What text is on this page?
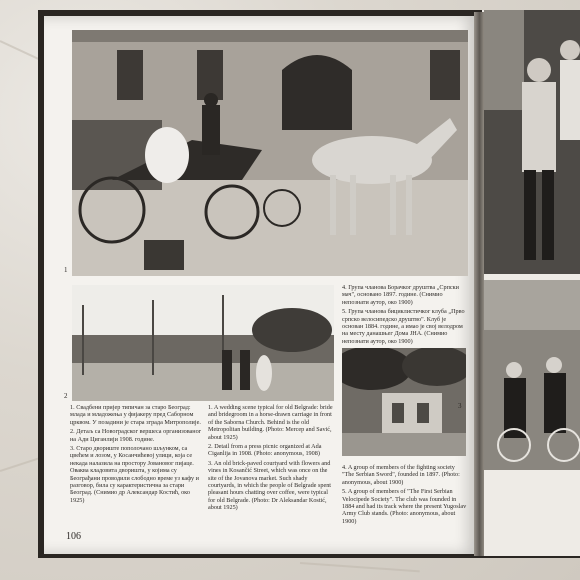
1
2
3

1. Свадбени пријер типичан за старо Београд: млада и младожења у фијакеру пред Саборном црквом. У позадини је стара зграда Митрополије.

2. Детаљ са Новоградског вершеса организованог на Ади Циганлији 1908. године.

3. Старо двориште пополочано шљунком, са цвећем и лозом, у Косанчићевој улици, која се некада налазила на простору Јовановог пијаце. Оваква кладовита дворишта, у којима су Београђани проводили слободно време уз кафу и разговор, била су карактеристична за стари Београд. (Снимио др Александар Костић, око 1925)

1. A wedding scene typical for old Belgrade: bride and bridegroom in a horse-drawn carriage in front of the Saborna Church. Behind is the old Metropolitan building. (Photo: Mercep and Savić, about 1925)

2. Detail from a press picnic organized at Ada Ciganlija in 1908. (Photo: anonymous, 1908)

3. An old brick-paved courtyard with flowers and vines in Kosančić Street, which was once on the site of the Jovanova market. Such shady courtyards, in which the people of Belgrade spent pleasant hours chatting over coffee, were typical for old Belgrade. (Photo: Dr Aleksandar Kostić, about 1925)

4. Група чланова Борачког друштва „Српски мач", основано 1897. године. (Снимио непознати аутор, око 1900)

5. Група чланова бициклистичког клуба „Прво српско велосипедско друштво". Клуб је основан 1884. године, а имао је свој велодром на месту данашњег Дома ЈНА. (Снимио непознати аутор, око 1900)

4. A group of members of the fighting society "The Serbian Sword", founded in 1897. (Photo: anonymous, about 1900)

5. A group of members of "The First Serbian Velocipede Society". The club was founded in 1884 and had its track where the present Yugoslav Army Club stands. (Photo: anonymous, about 1900)

106
